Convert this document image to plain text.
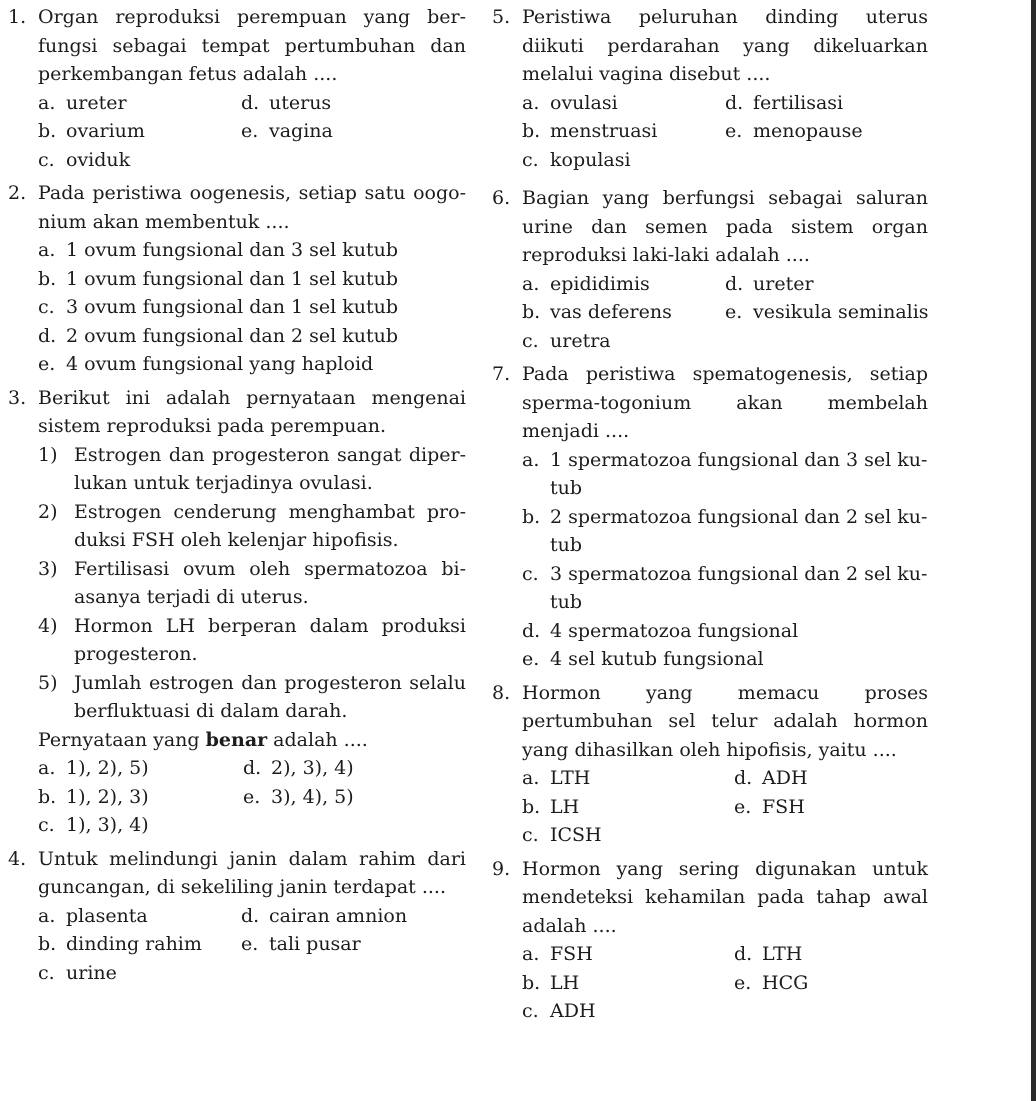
1. Organ reproduksi perempuan yang ber-fungsi sebagai tempat pertumbuhan dan perkembangan fetus adalah ....
a. ureter	d. uterus
b. ovarium	e. vagina
c. oviduk
2. Pada peristiwa oogenesis, setiap satu oogo-nium akan membentuk ....
a. 1 ovum fungsional dan 3 sel kutub
b. 1 ovum fungsional dan 1 sel kutub
c. 3 ovum fungsional dan 1 sel kutub
d. 2 ovum fungsional dan 2 sel kutub
e. 4 ovum fungsional yang haploid
3. Berikut ini adalah pernyataan mengenai sistem reproduksi pada perempuan.
1) Estrogen dan progesteron sangat diper-lukan untuk terjadinya ovulasi.
2) Estrogen cenderung menghambat pro-duksi FSH oleh kelenjar hipofisis.
3) Fertilisasi ovum oleh spermatozoa bi-asanya terjadi di uterus.
4) Hormon LH berperan dalam produksi progesteron.
5) Jumlah estrogen dan progesteron selalu berfluktuasi di dalam darah.
Pernyataan yang benar adalah ....
a. 1), 2), 5)	d. 2), 3), 4)
b. 1), 2), 3)	e. 3), 4), 5)
c. 1), 3), 4)
4. Untuk melindungi janin dalam rahim dari guncangan, di sekeliling janin terdapat ....
a. plasenta	d. cairan amnion
b. dinding rahim e. tali pusar
c. urine
5. Peristiwa peluruhan dinding uterus diikuti perdarahan yang dikeluarkan melalui vagina disebut ....
a. ovulasi	d. fertilisasi
b. menstruasi	e. menopause
c. kopulasi
6. Bagian yang berfungsi sebagai saluran urine dan semen pada sistem organ reproduksi laki-laki adalah ....
a. epididimis	d. ureter
b. vas deferens	e. vesikula seminalis
c. uretra
7. Pada peristiwa spematogenesis, setiap sperma-togonium akan membelah menjadi ....
a. 1 spermatozoa fungsional dan 3 sel ku-tub
b. 2 spermatozoa fungsional dan 2 sel ku-tub
c. 3 spermatozoa fungsional dan 2 sel ku-tub
d. 4 spermatozoa fungsional
e. 4 sel kutub fungsional
8. Hormon yang memacu proses pertumbuhan sel telur adalah hormon yang dihasilkan oleh hipofisis, yaitu ....
a. LTH	d. ADH
b. LH	e. FSH
c. ICSH
9. Hormon yang sering digunakan untuk mendeteksi kehamilan pada tahap awal adalah ....
a. FSH	d. LTH
b. LH	e. HCG
c. ADH
